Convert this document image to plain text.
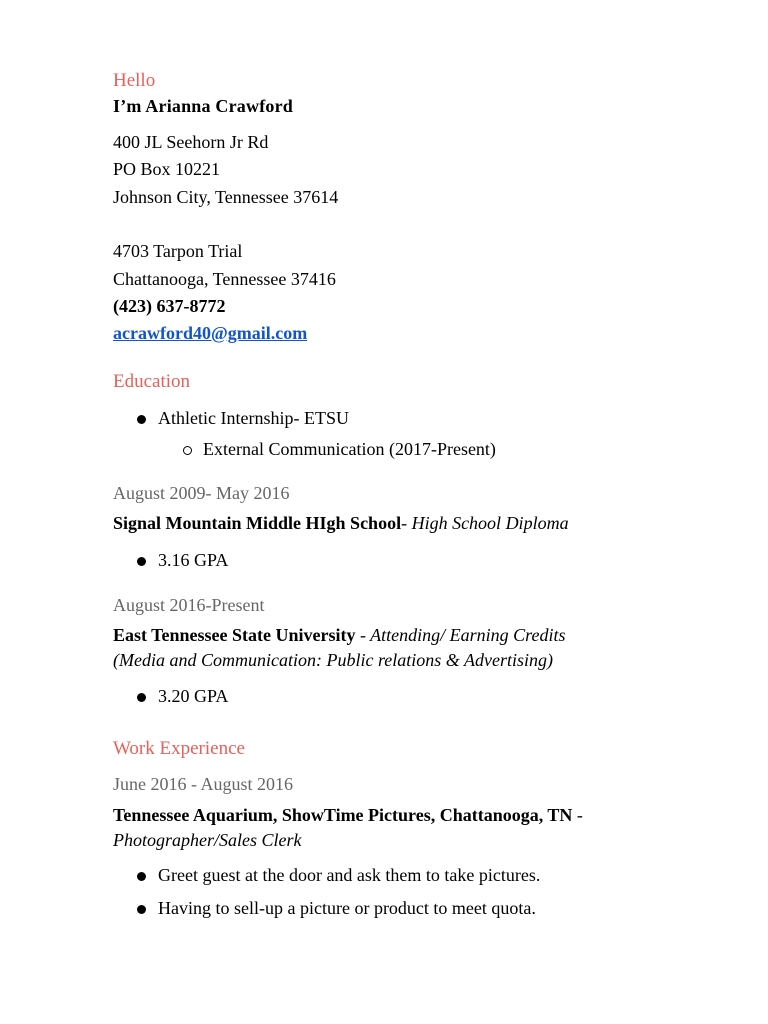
Hello
I’m Arianna Crawford
400 JL Seehorn Jr Rd
PO Box 10221
Johnson City, Tennessee 37614
4703 Tarpon Trial
Chattanooga, Tennessee 37416
(423) 637-8772
acrawford40@gmail.com
Education
Athletic Internship- ETSU
External Communication (2017-Present)
August 2009- May 2016
Signal Mountain Middle HIgh School- High School Diploma
3.16 GPA
August 2016-Present
East Tennessee State University - Attending/ Earning Credits
(Media and Communication: Public relations & Advertising)
3.20 GPA
Work Experience
June 2016 - August 2016
Tennessee Aquarium, ShowTime Pictures, Chattanooga, TN -
Photographer/Sales Clerk
Greet guest at the door and ask them to take pictures.
Having to sell-up a picture or product to meet quota.
